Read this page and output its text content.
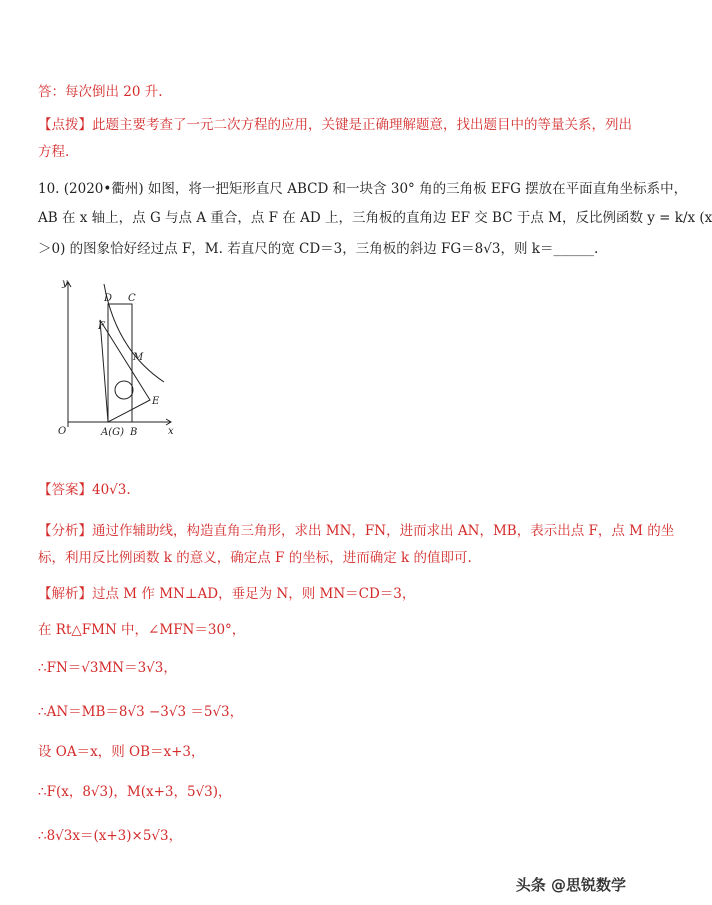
答：每次倒出 20 升.
【点拨】此题主要考查了一元二次方程的应用，关键是正确理解题意，找出题目中的等量关系，列出
方程.
10. (2020•衢州) 如图，将一把矩形直尺 ABCD 和一块含 30° 角的三角板 EFG 摆放在平面直角坐标系中，
AB 在 x 轴上，点 G 与点 A 重合，点 F 在 AD 上，三角板的直角边 EF 交 BC 于点 M，反比例函数 y = k/x (x
＞0) 的图象恰好经过点 F，M. 若直尺的宽 CD＝3，三角板的斜边 FG＝8√3，则 k＝______.
y
x
O
D C
F
M
E
A(G) B
【答案】40√3.
【分析】通过作辅助线，构造直角三角形，求出 MN，FN，进而求出 AN，MB，表示出点 F，点 M 的坐
标，利用反比例函数 k 的意义，确定点 F 的坐标，进而确定 k 的值即可.
【解析】过点 M 作 MN⊥AD，垂足为 N，则 MN＝CD＝3，
在 Rt△FMN 中，∠MFN＝30°，
∴FN＝√3MN＝3√3，
∴AN＝MB＝8√3 −3√3 ＝5√3，
设 OA＝x，则 OB＝x+3，
∴F(x，8√3)，M(x+3，5√3)，
∴8√3x＝(x+3)×5√3，
头条 @思锐数学
